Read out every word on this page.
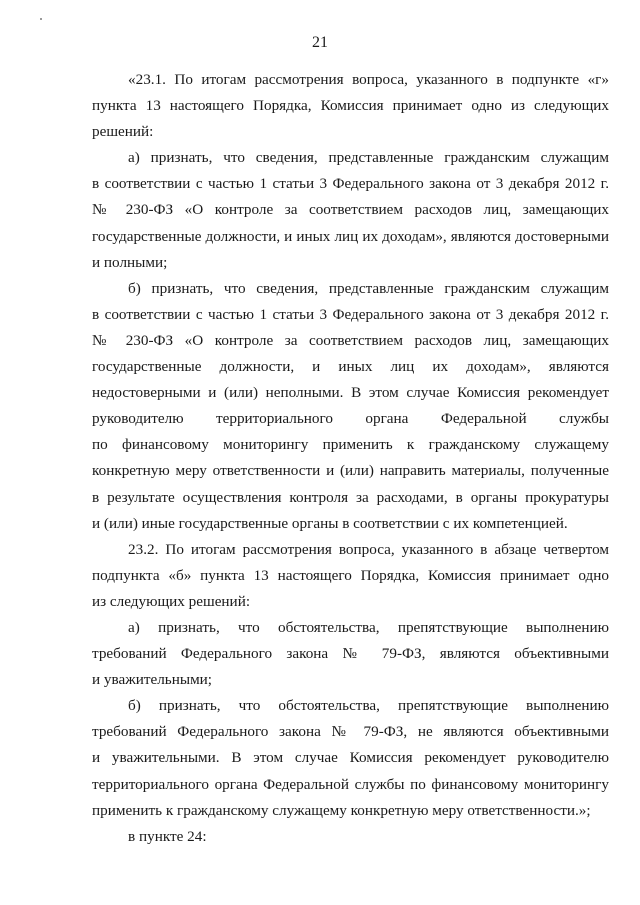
21
«23.1. По итогам рассмотрения вопроса, указанного в подпункте «г»
пункта 13 настоящего Порядка, Комиссия принимает одно из следующих
решений:
а) признать, что сведения, представленные гражданским служащим
в соответствии с частью 1 статьи 3 Федерального закона от 3 декабря 2012 г.
№ 230-ФЗ «О контроле за соответствием расходов лиц, замещающих
государственные должности, и иных лиц их доходам», являются достоверными
и полными;
б) признать, что сведения, представленные гражданским служащим
в соответствии с частью 1 статьи 3 Федерального закона от 3 декабря 2012 г.
№ 230-ФЗ «О контроле за соответствием расходов лиц, замещающих
государственные должности, и иных лиц их доходам», являются
недостоверными и (или) неполными. В этом случае Комиссия рекомендует
руководителю территориального органа Федеральной службы
по финансовому мониторингу применить к гражданскому служащему
конкретную меру ответственности и (или) направить материалы, полученные
в результате осуществления контроля за расходами, в органы прокуратуры
и (или) иные государственные органы в соответствии с их компетенцией.
23.2. По итогам рассмотрения вопроса, указанного в абзаце четвертом
подпункта «б» пункта 13 настоящего Порядка, Комиссия принимает одно
из следующих решений:
а) признать, что обстоятельства, препятствующие выполнению
требований Федерального закона № 79-ФЗ, являются объективными
и уважительными;
б) признать, что обстоятельства, препятствующие выполнению
требований Федерального закона № 79-ФЗ, не являются объективными
и уважительными. В этом случае Комиссия рекомендует руководителю
территориального органа Федеральной службы по финансовому мониторингу
применить к гражданскому служащему конкретную меру ответственности.»;
в пункте 24:
